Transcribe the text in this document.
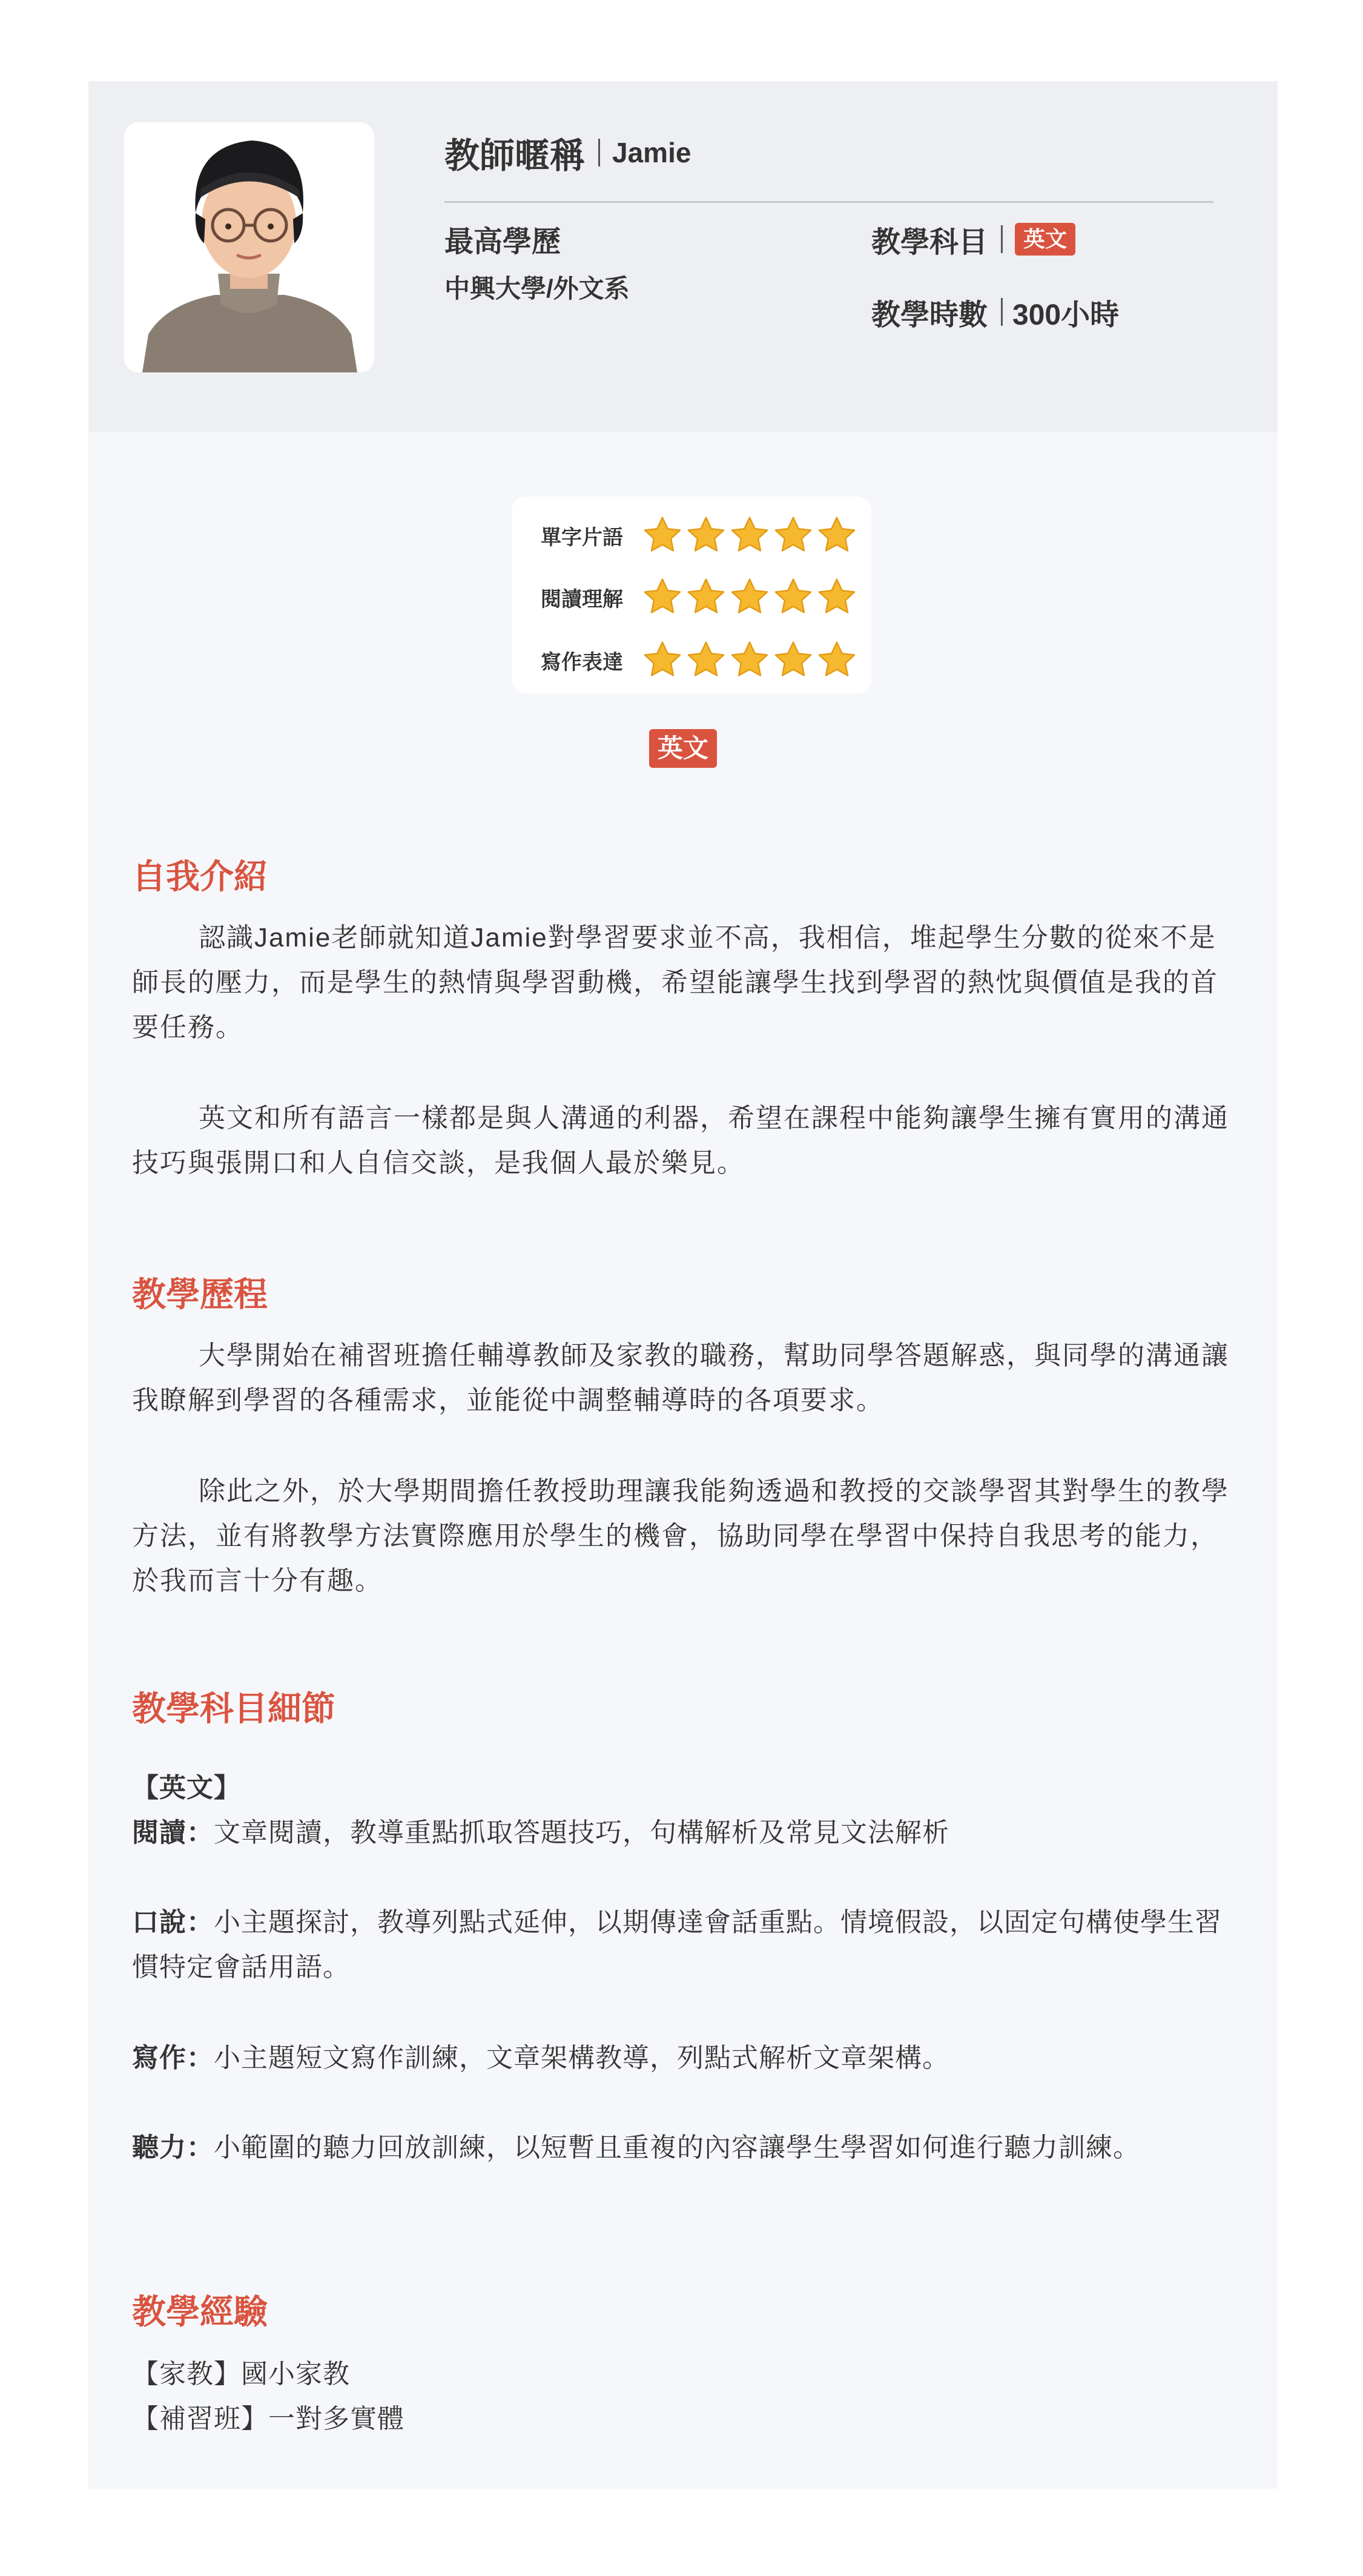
教師暱稱 Jamie
最高學歷
中興大學/外文系
教學科目	英文
教學時數 300小時
單字片語
閱讀理解
寫作表達
英文
自我介紹
認識Jamie老師就知道Jamie對學習要求並不高，我相信，堆起學生分數的從來不是師長的壓力，而是學生的熱情與學習動機，希望能讓學生找到學習的熱忱與價值是我的首要任務。
英文和所有語言一樣都是與人溝通的利器，希望在課程中能夠讓學生擁有實用的溝通技巧與張開口和人自信交談，是我個人最於樂見。
教學歷程
大學開始在補習班擔任輔導教師及家教的職務，幫助同學答題解惑，與同學的溝通讓我瞭解到學習的各種需求，並能從中調整輔導時的各項要求。
除此之外，於大學期間擔任教授助理讓我能夠透過和教授的交談學習其對學生的教學方法，並有將教學方法實際應用於學生的機會，協助同學在學習中保持自我思考的能力，於我而言十分有趣。
教學科目細節
【英文】
閱讀：文章閱讀，教導重點抓取答題技巧，句構解析及常見文法解析
口說：小主題探討，教導列點式延伸，以期傳達會話重點。情境假設，以固定句構使學生習慣特定會話用語。
寫作：小主題短文寫作訓練，文章架構教導，列點式解析文章架構。
聽力：小範圍的聽力回放訓練，以短暫且重複的內容讓學生學習如何進行聽力訓練。
教學經驗
【家教】國小家教
【補習班】一對多實體
